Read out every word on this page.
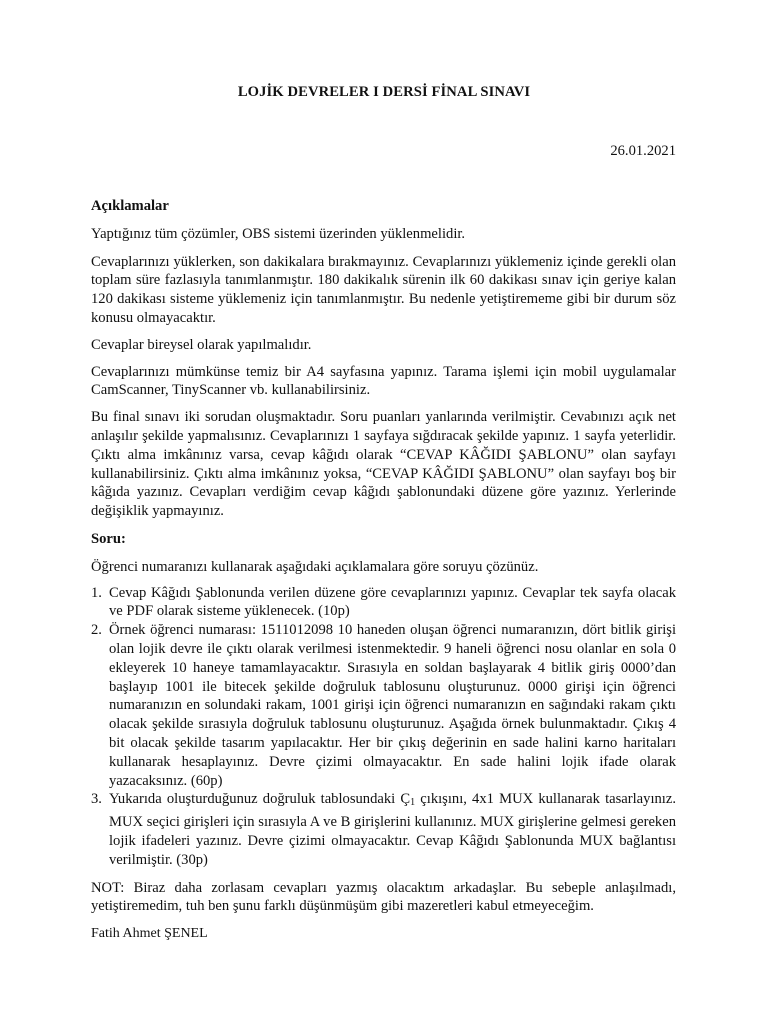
LOJİK DEVRELER I DERSİ FİNAL SINAVI
26.01.2021

Açıklamalar

Yaptığınız tüm çözümler, OBS sistemi üzerinden yüklenmelidir.

Cevaplarınızı yüklerken, son dakikalara bırakmayınız. Cevaplarınızı yüklemeniz içinde gerekli olan toplam süre fazlasıyla tanımlanmıştır. 180 dakikalık sürenin ilk 60 dakikası sınav için geriye kalan 120 dakikası sisteme yüklemeniz için tanımlanmıştır. Bu nedenle yetiştirememe gibi bir durum söz konusu olmayacaktır.

Cevaplar bireysel olarak yapılmalıdır.

Cevaplarınızı mümkünse temiz bir A4 sayfasına yapınız. Tarama işlemi için mobil uygulamalar CamScanner, TinyScanner vb. kullanabilirsiniz.

Bu final sınavı iki sorudan oluşmaktadır. Soru puanları yanlarında verilmiştir. Cevabınızı açık net anlaşılır şekilde yapmalısınız. Cevaplarınızı 1 sayfaya sığdıracak şekilde yapınız. 1 sayfa yeterlidir. Çıktı alma imkânınız varsa, cevap kâğıdı olarak “CEVAP KÂĞIDI ŞABLONU” olan sayfayı kullanabilirsiniz. Çıktı alma imkânınız yoksa, “CEVAP KÂĞIDI ŞABLONU” olan sayfayı boş bir kâğıda yazınız. Cevapları verdiğim cevap kâğıdı şablonundaki düzene göre yazınız. Yerlerinde değişiklik yapmayınız.

Soru:

Öğrenci numaranızı kullanarak aşağıdaki açıklamalara göre soruyu çözünüz.

1. Cevap Kâğıdı Şablonunda verilen düzene göre cevaplarınızı yapınız. Cevaplar tek sayfa olacak ve PDF olarak sisteme yüklenecek. (10p)
2. Örnek öğrenci numarası: 1511012098 10 haneden oluşan öğrenci numaranızın, dört bitlik girişi olan lojik devre ile çıktı olarak verilmesi istenmektedir. 9 haneli öğrenci nosu olanlar en sola 0 ekleyerek 10 haneye tamamlayacaktır. Sırasıyla en soldan başlayarak 4 bitlik giriş 0000’dan başlayıp 1001 ile bitecek şekilde doğruluk tablosunu oluşturunuz. 0000 girişi için öğrenci numaranızın en solundaki rakam, 1001 girişi için öğrenci numaranızın en sağındaki rakam çıktı olacak şekilde sırasıyla doğruluk tablosunu oluşturunuz. Aşağıda örnek bulunmaktadır. Çıkış 4 bit olacak şekilde tasarım yapılacaktır. Her bir çıkış değerinin en sade halini karno haritaları kullanarak hesaplayınız. Devre çizimi olmayacaktır. En sade halini lojik ifade olarak yazacaksınız. (60p)
3. Yukarıda oluşturduğunuz doğruluk tablosundaki $Ç_1$ çıkışını, 4x1 MUX kullanarak tasarlayınız. MUX seçici girişleri için sırasıyla A ve B girişlerini kullanınız. MUX girişlerine gelmesi gereken lojik ifadeleri yazınız. Devre çizimi olmayacaktır. Cevap Kâğıdı Şablonunda MUX bağlantısı verilmiştir. (30p)

NOT: Biraz daha zorlasam cevapları yazmış olacaktım arkadaşlar. Bu sebeple anlaşılmadı, yetiştiremedim, tuh ben şunu farklı düşünmüşüm gibi mazeretleri kabul etmeyeceğim.

Fatih Ahmet ŞENEL
